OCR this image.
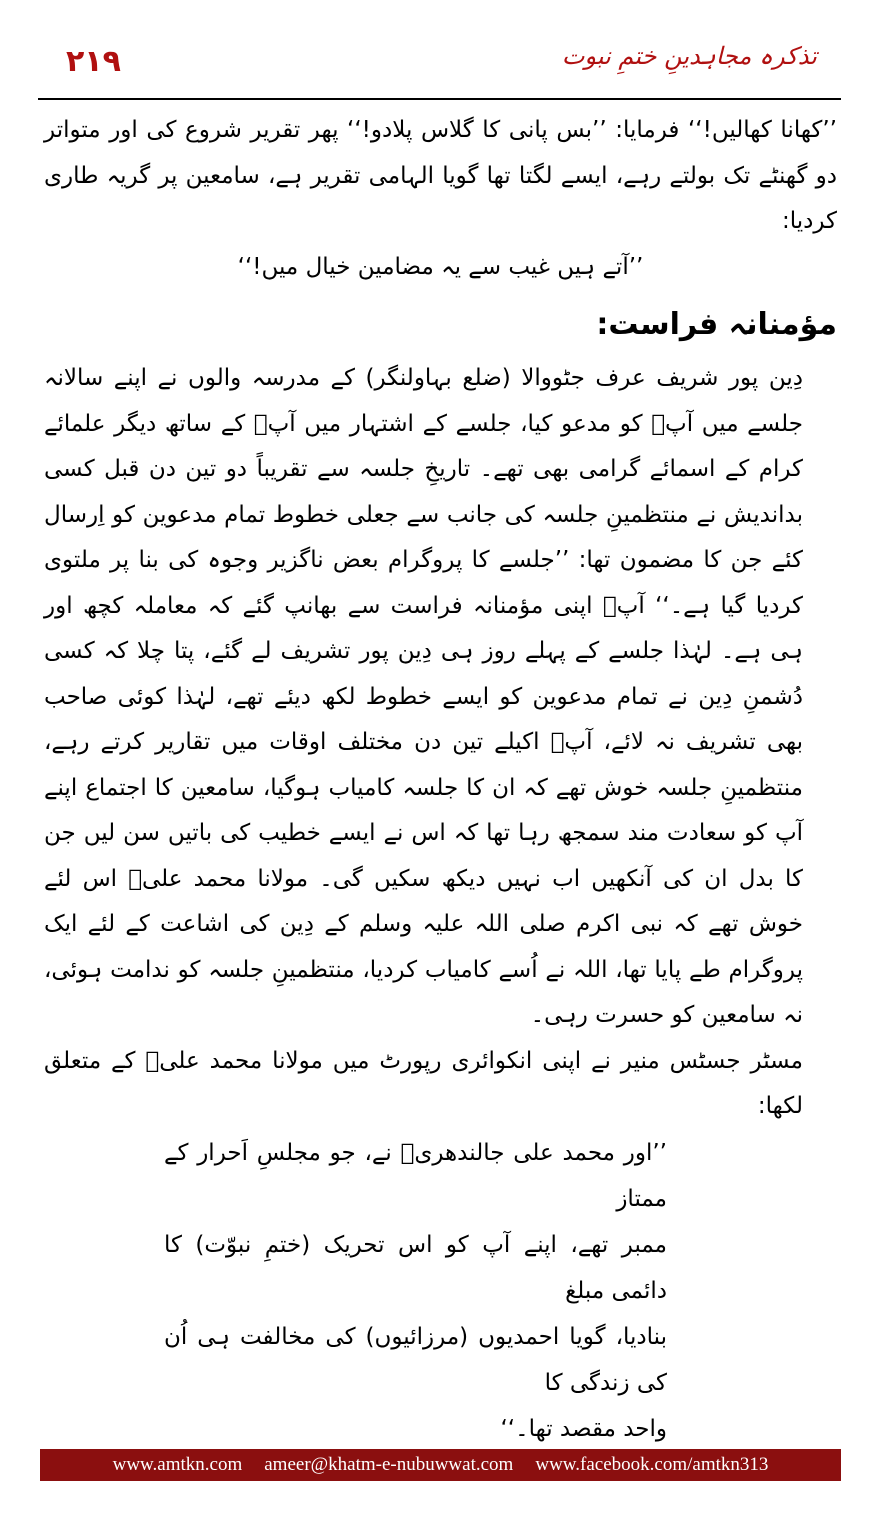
۲۱۹	تذکرہ مجاہدینِ ختمِ نبوت

’’کھانا کھالیں!‘‘ فرمایا: ’’بس پانی کا گلاس پلادو!‘‘ پھر تقریر شروع کی اور متواتر دو گھنٹے تک بولتے رہے، ایسے لگتا تھا گویا الہامی تقریر ہے، سامعین پر گریہ طاری کردیا:

’’آتے ہیں غیب سے یہ مضامین خیال میں!‘‘

مؤمنانہ فراست:

دِین پور شریف عرف جٹووالا (ضلع بہاولنگر) کے مدرسہ والوں نے اپنے سالانہ جلسے میں آپؒ کو مدعو کیا، جلسے کے اشتہار میں آپؒ کے ساتھ دیگر علمائے کرام کے اسمائے گرامی بھی تھے۔ تاریخِ جلسہ سے تقریباً دو تین دن قبل کسی بداندیش نے منتظمینِ جلسہ کی جانب سے جعلی خطوط تمام مدعوین کو اِرسال کئے جن کا مضمون تھا: ’’جلسے کا پروگرام بعض ناگزیر وجوہ کی بنا پر ملتوی کردیا گیا ہے۔‘‘ آپؒ اپنی مؤمنانہ فراست سے بھانپ گئے کہ معاملہ کچھ اور ہی ہے۔ لہٰذا جلسے کے پہلے روز ہی دِین پور تشریف لے گئے، پتا چلا کہ کسی دُشمنِ دِین نے تمام مدعوین کو ایسے خطوط لکھ دیئے تھے، لہٰذا کوئی صاحب بھی تشریف نہ لائے، آپؒ اکیلے تین دن مختلف اوقات میں تقاریر کرتے رہے، منتظمینِ جلسہ خوش تھے کہ ان کا جلسہ کامیاب ہوگیا، سامعین کا اجتماع اپنے آپ کو سعادت مند سمجھ رہا تھا کہ اس نے ایسے خطیب کی باتیں سن لیں جن کا بدل ان کی آنکھیں اب نہیں دیکھ سکیں گی۔ مولانا محمد علیؒ اس لئے خوش تھے کہ نبی اکرم صلی اللہ علیہ وسلم کے دِین کی اشاعت کے لئے ایک پروگرام طے پایا تھا، اللہ نے اُسے کامیاب کردیا، منتظمینِ جلسہ کو ندامت ہوئی، نہ سامعین کو حسرت رہی۔

مسٹر جسٹس منیر نے اپنی انکوائری رپورٹ میں مولانا محمد علیؒ کے متعلق لکھا:

’’اور محمد علی جالندھریؒ نے، جو مجلسِ اَحرار کے ممتاز
ممبر تھے، اپنے آپ کو اس تحریک (ختمِ نبوّت) کا دائمی مبلغ
بنادیا، گویا احمدیوں (مرزائیوں) کی مخالفت ہی اُن کی زندگی کا
واحد مقصد تھا۔‘‘
www.amtkn.com ameer@khatm-e-nubuwwat.com www.facebook.com/amtkn313
